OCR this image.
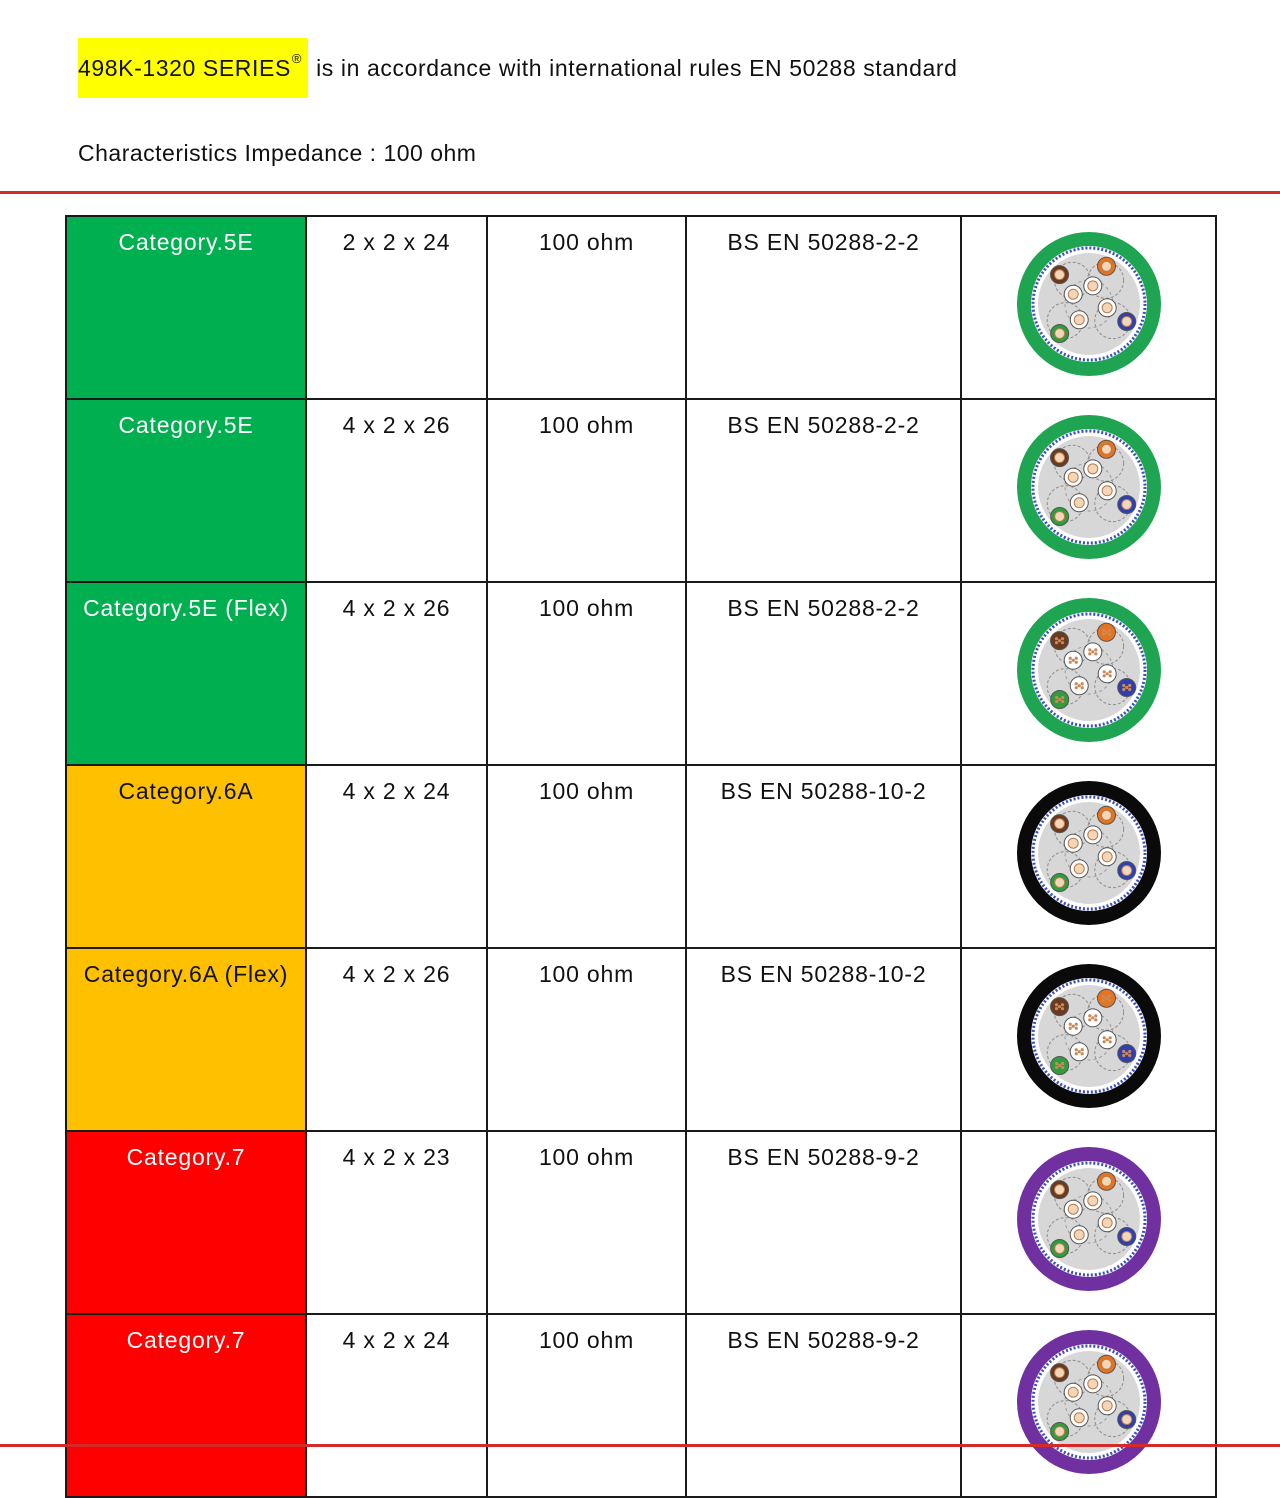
498K-1320 SERIES® is in accordance with international rules EN 50288 standard
Characteristics Impedance : 100 ohm
Category.5E	2 x 2 x 24	100 ohm	BS EN 50288-2-2	

Category.5E	4 x 2 x 26	100 ohm	BS EN 50288-2-2	

Category.5E (Flex)	4 x 2 x 26	100 ohm	BS EN 50288-2-2	

Category.6A	4 x 2 x 24	100 ohm	BS EN 50288-10-2	

Category.6A (Flex)	4 x 2 x 26	100 ohm	BS EN 50288-10-2	

Category.7	4 x 2 x 23	100 ohm	BS EN 50288-9-2	

Category.7	4 x 2 x 24	100 ohm	BS EN 50288-9-2	
